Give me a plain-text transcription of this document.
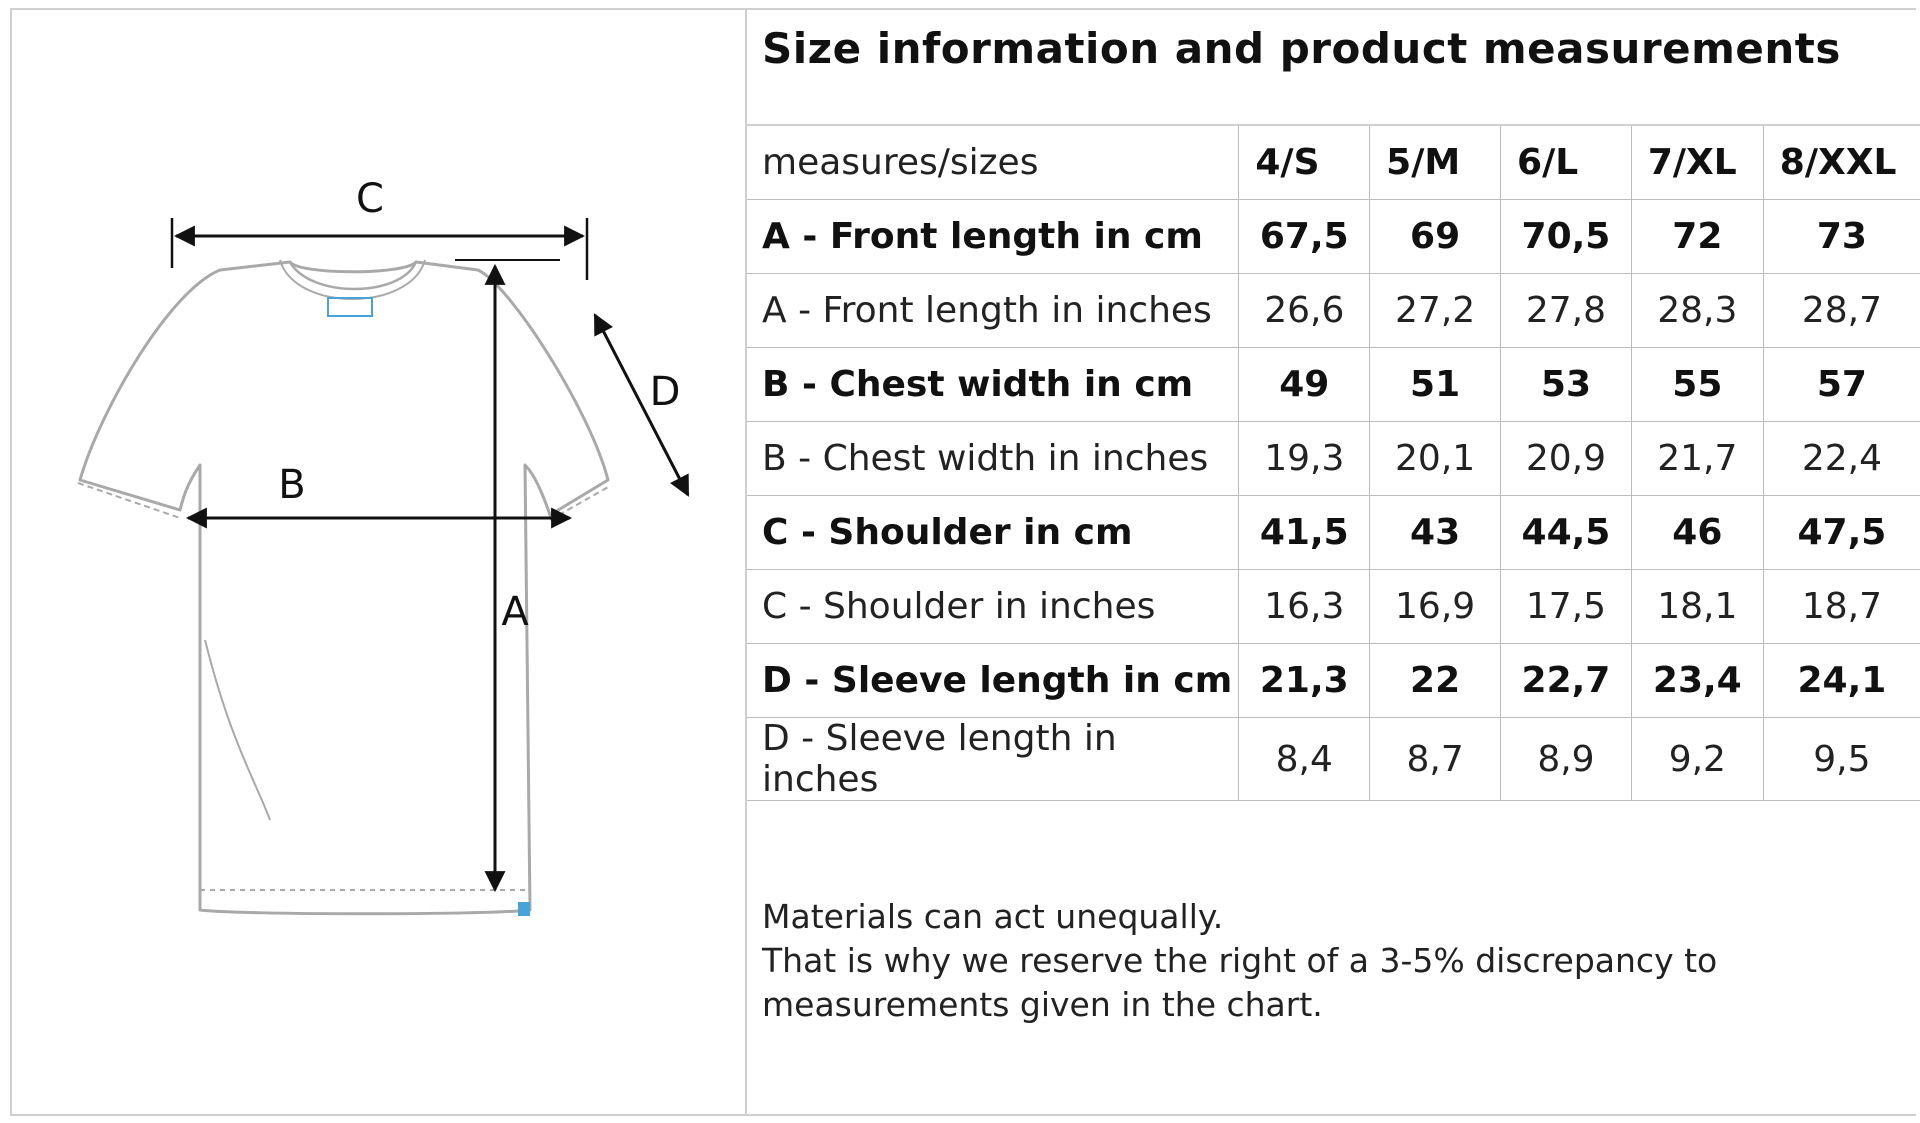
C
A
B
D
Size information and product measurements
measures/sizes	4/S	5/M	6/L	7/XL	8/XXL
A - Front length in cm	67,5	69	70,5	72	73
A - Front length in inches	26,6	27,2	27,8	28,3	28,7
B - Chest width in cm	49	51	53	55	57
B - Chest width in inches	19,3	20,1	20,9	21,7	22,4
C - Shoulder in cm	41,5	43	44,5	46	47,5
C - Shoulder in inches	16,3	16,9	17,5	18,1	18,7
D - Sleeve length in cm	21,3	22	22,7	23,4	24,1
D - Sleeve length in inches	8,4	8,7	8,9	9,2	9,5
Materials can act unequally.
That is why we reserve the right of a 3-5% discrepancy to
measurements given in the chart.
